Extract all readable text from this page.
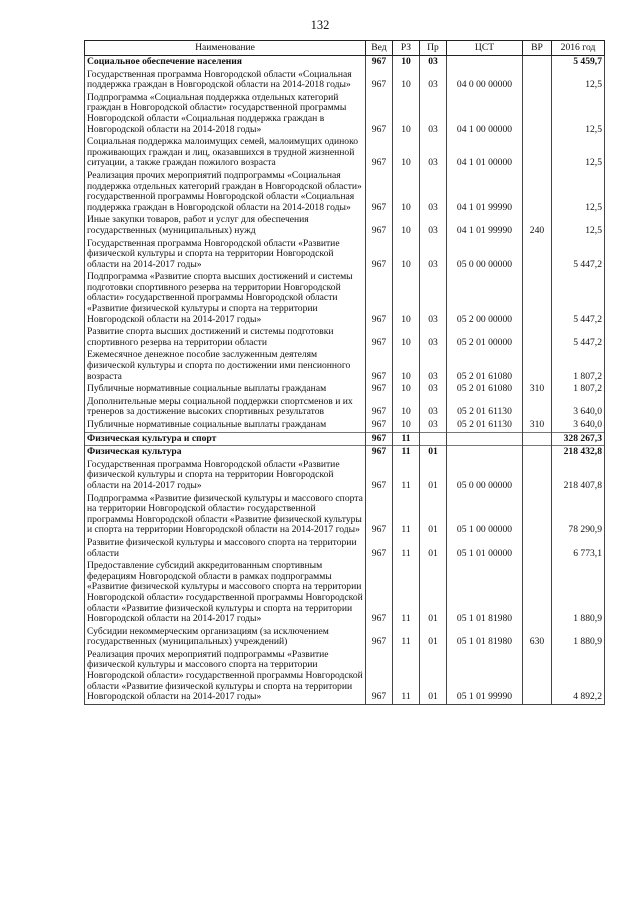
132
Наименование	Вед	РЗ	Пр	ЦСТ	ВР	2016 год
Социальное обеспечение населения	967	10	03			5 459,7
Государственная программа Новгородской области «Социальная поддержка граждан в Новгородской области на 2014-2018 годы»	967	10	03	04 0 00 00000		12,5
Подпрограмма «Социальная поддержка отдельных категорий граждан в Новгородской области» государственной программы Новгородской области «Социальная поддержка граждан в Новгородской области на 2014-2018 годы»	967	10	03	04 1 00 00000		12,5
Социальная поддержка малоимущих семей, малоимущих одиноко проживающих граждан и лиц, оказавшихся в трудной жизненной ситуации, а также граждан пожилого возраста	967	10	03	04 1 01 00000		12,5
Реализация прочих мероприятий подпрограммы «Социальная поддержка отдельных категорий граждан в Новгородской области» государственной программы Новгородской области «Социальная поддержка граждан в Новгородской области на 2014-2018 годы»	967	10	03	04 1 01 99990		12,5
Иные закупки товаров, работ и услуг для обеспечения государственных (муниципальных) нужд	967	10	03	04 1 01 99990	240	12,5
Государственная программа Новгородской области «Развитие физической культуры и спорта на территории Новгородской области на 2014-2017 годы»	967	10	03	05 0 00 00000		5 447,2
Подпрограмма «Развитие спорта высших достижений и системы подготовки спортивного резерва на территории Новгородской области» государственной программы Новгородской области «Развитие физической культуры и спорта на территории Новгородской области на 2014-2017 годы»	967	10	03	05 2 00 00000		5 447,2
Развитие спорта высших достижений и системы подготовки спортивного резерва на территории области	967	10	03	05 2 01 00000		5 447,2
Ежемесячное денежное пособие заслуженным деятелям физической культуры и спорта по достижении ими пенсионного возраста	967	10	03	05 2 01 61080		1 807,2
Публичные нормативные социальные выплаты гражданам	967	10	03	05 2 01 61080	310	1 807,2
Дополнительные меры социальной поддержки спортсменов и их тренеров за достижение высоких спортивных результатов	967	10	03	05 2 01 61130		3 640,0
Публичные нормативные социальные выплаты гражданам	967	10	03	05 2 01 61130	310	3 640,0
Физическая культура и спорт	967	11				328 267,3
Физическая культура	967	11	01			218 432,8
Государственная программа Новгородской области «Развитие физической культуры и спорта на территории Новгородской области на 2014-2017 годы»	967	11	01	05 0 00 00000		218 407,8
Подпрограмма «Развитие физической культуры и массового спорта на территории Новгородской области» государственной программы Новгородской области «Развитие физической культуры и спорта на территории Новгородской области на 2014-2017 годы»	967	11	01	05 1 00 00000		78 290,9
Развитие физической культуры и массового спорта на территории области	967	11	01	05 1 01 00000		6 773,1
Предоставление субсидий аккредитованным спортивным федерациям Новгородской области в рамках подпрограммы «Развитие физической культуры и массового спорта на территории Новгородской области» государственной программы Новгородской области «Развитие физической культуры и спорта на территории Новгородской области на 2014-2017 годы»	967	11	01	05 1 01 81980		1 880,9
Субсидии некоммерческим организациям (за исключением государственных (муниципальных) учреждений)	967	11	01	05 1 01 81980	630	1 880,9
Реализация прочих мероприятий подпрограммы «Развитие физической культуры и массового спорта на территории Новгородской области» государственной программы Новгородской области «Развитие физической культуры и спорта на территории Новгородской области на 2014-2017 годы»	967	11	01	05 1 01 99990		4 892,2
